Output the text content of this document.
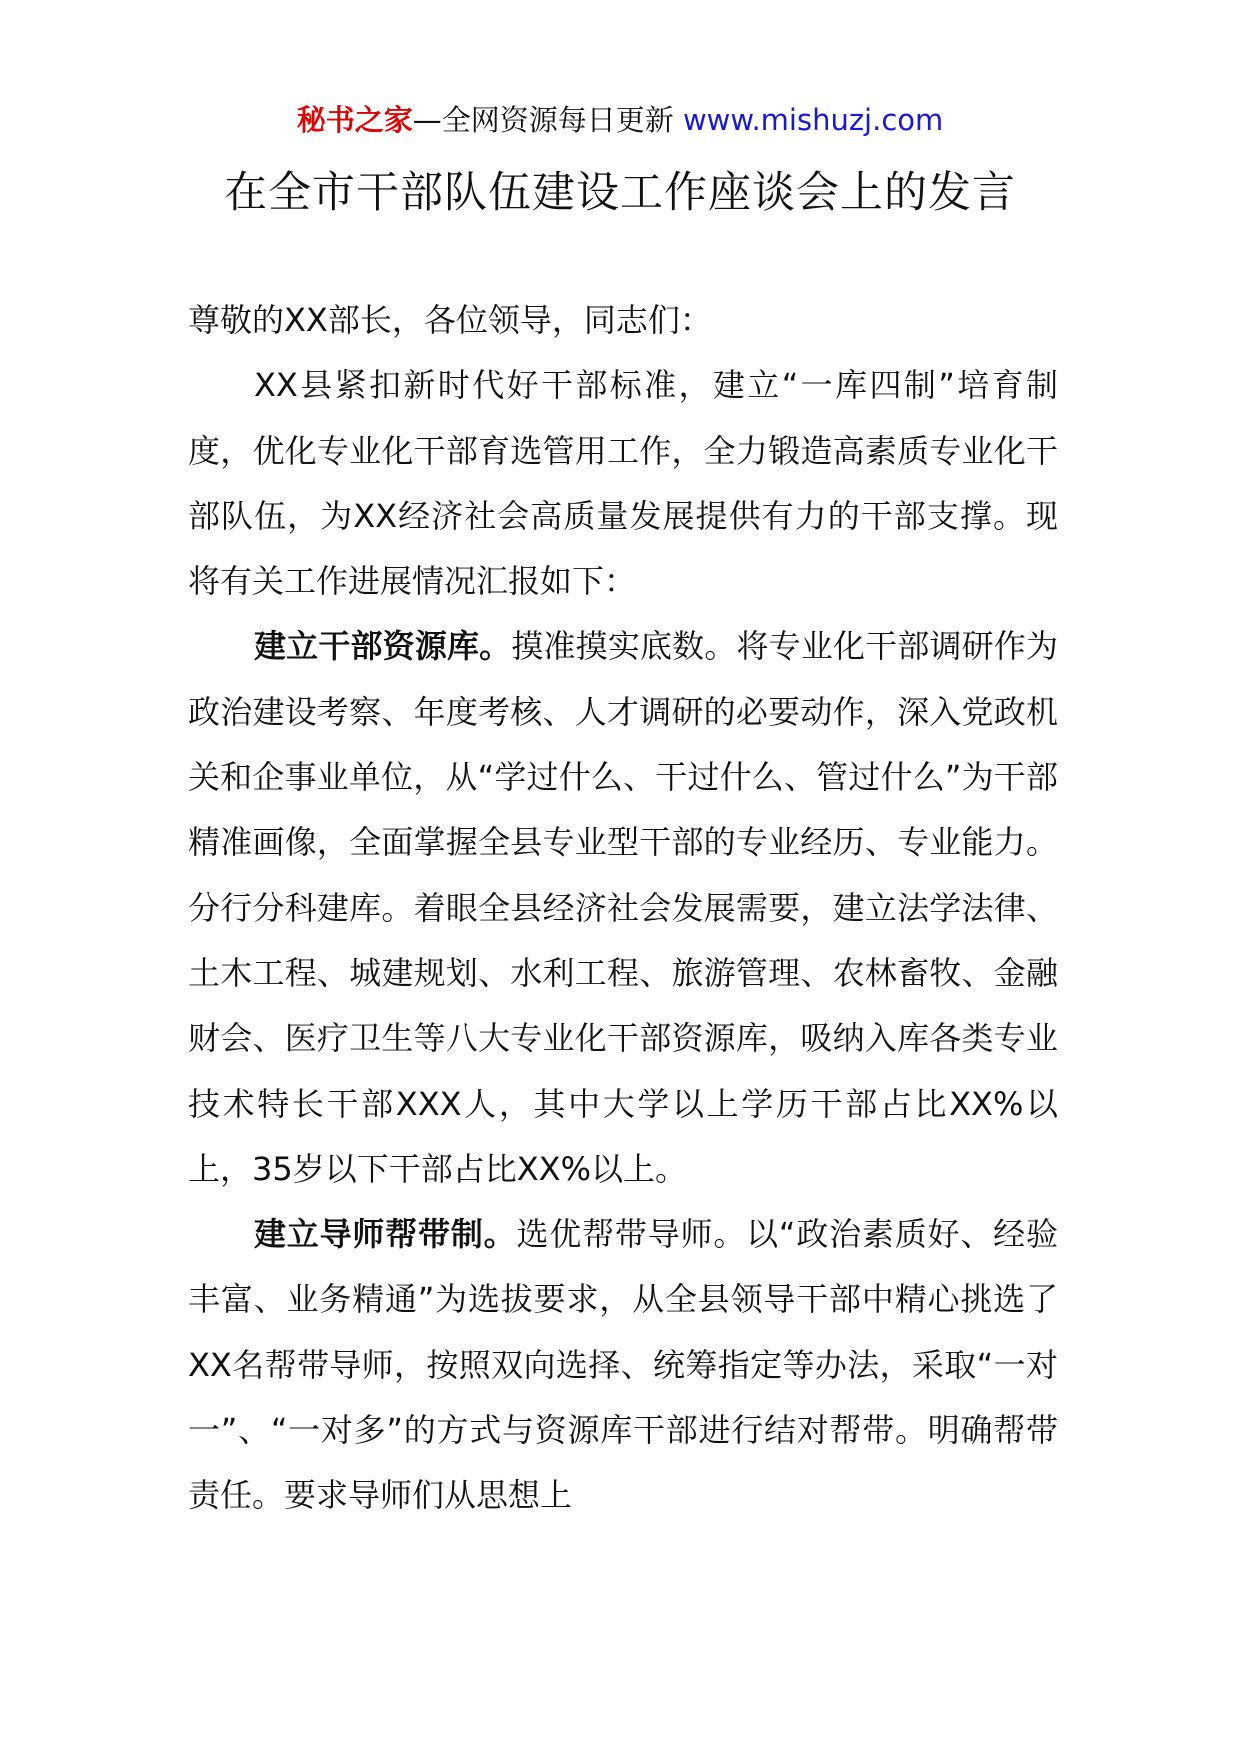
秘书之家—全网资源每日更新 www.mishuzj.com
在全市干部队伍建设工作座谈会上的发言

尊敬的XX部长，各位领导，同志们：

XX县紧扣新时代好干部标准，建立“一库四制”培育制度，优化专业化干部育选管用工作，全力锻造高素质专业化干部队伍，为XX经济社会高质量发展提供有力的干部支撑。现将有关工作进展情况汇报如下：

建立干部资源库。摸准摸实底数。将专业化干部调研作为政治建设考察、年度考核、人才调研的必要动作，深入党政机关和企事业单位，从“学过什么、干过什么、管过什么”为干部精准画像，全面掌握全县专业型干部的专业经历、专业能力。分行分科建库。着眼全县经济社会发展需要，建立法学法律、土木工程、城建规划、水利工程、旅游管理、农林畜牧、金融财会、医疗卫生等八大专业化干部资源库，吸纳入库各类专业技术特长干部XXX人，其中大学以上学历干部占比XX%以上，35岁以下干部占比XX%以上。

建立导师帮带制。选优帮带导师。以“政治素质好、经验丰富、业务精通”为选拔要求，从全县领导干部中精心挑选了XX名帮带导师，按照双向选择、统筹指定等办法，采取“一对一”、“一对多”的方式与资源库干部进行结对帮带。明确帮带责任。要求导师们从思想上
